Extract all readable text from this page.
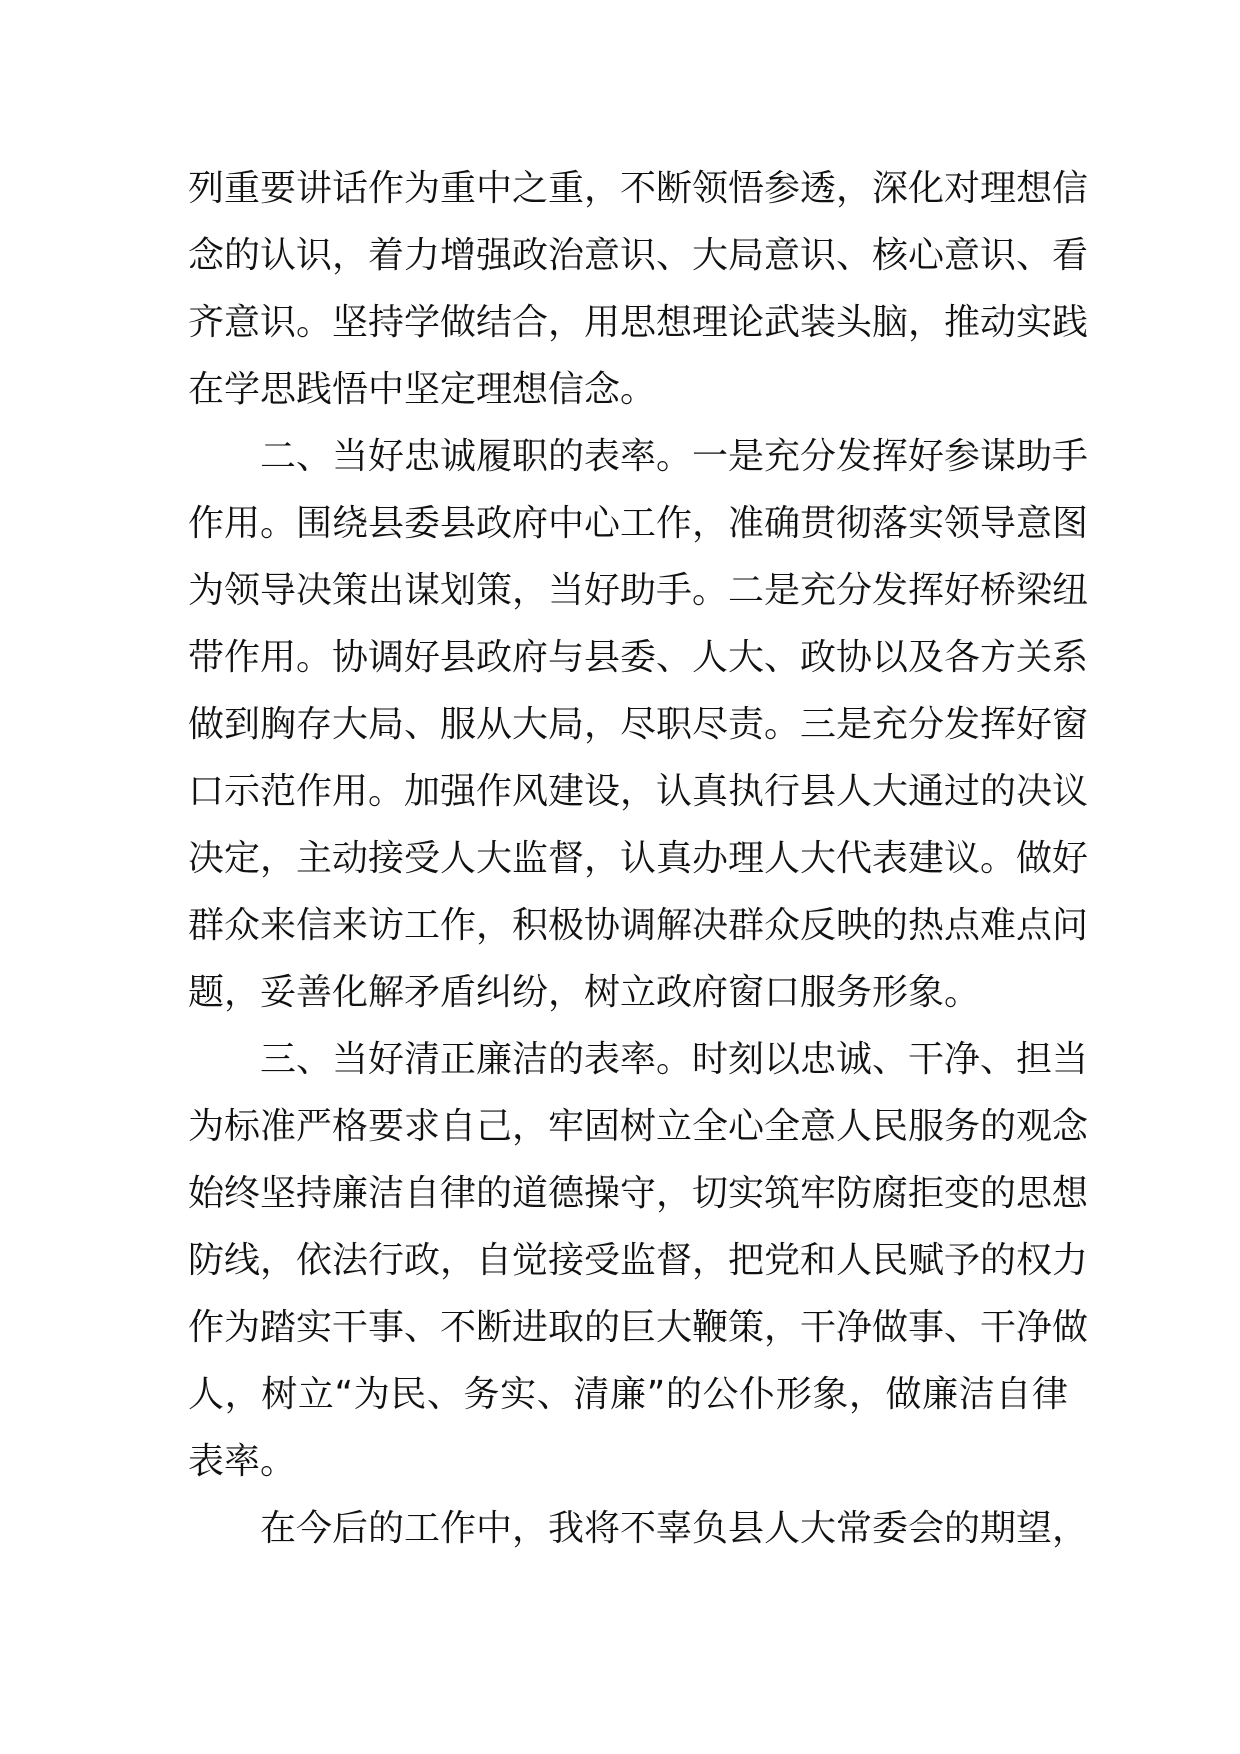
列重要讲话作为重中之重，不断领悟参透，深化对理想信
念的认识，着力增强政治意识、大局意识、核心意识、看
齐意识。坚持学做结合，用思想理论武装头脑，推动实践
在学思践悟中坚定理想信念。
二、当好忠诚履职的表率。一是充分发挥好参谋助手
作用。围绕县委县政府中心工作，准确贯彻落实领导意图
为领导决策出谋划策，当好助手。二是充分发挥好桥梁纽
带作用。协调好县政府与县委、人大、政协以及各方关系
做到胸存大局、服从大局，尽职尽责。三是充分发挥好窗
口示范作用。加强作风建设，认真执行县人大通过的决议
决定，主动接受人大监督，认真办理人大代表建议。做好
群众来信来访工作，积极协调解决群众反映的热点难点问
题，妥善化解矛盾纠纷，树立政府窗口服务形象。
三、当好清正廉洁的表率。时刻以忠诚、干净、担当
为标准严格要求自己，牢固树立全心全意人民服务的观念
始终坚持廉洁自律的道德操守，切实筑牢防腐拒变的思想
防线，依法行政，自觉接受监督，把党和人民赋予的权力
作为踏实干事、不断进取的巨大鞭策，干净做事、干净做
人，树立“为民、务实、清廉”的公仆形象，做廉洁自律
表率。
在今后的工作中，我将不辜负县人大常委会的期望，
